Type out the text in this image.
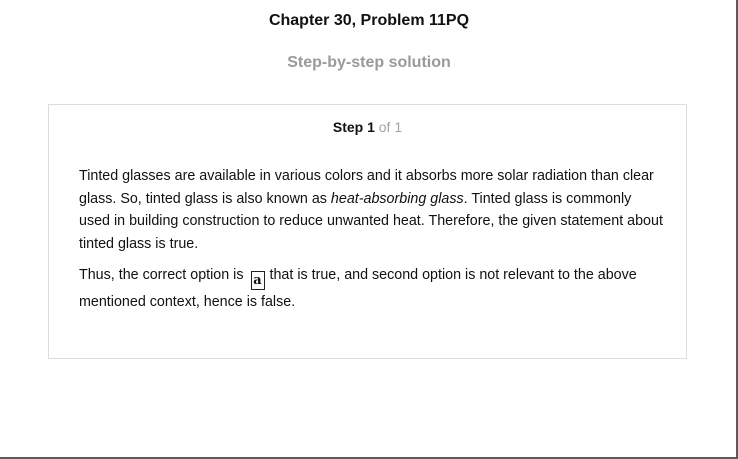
Chapter 30, Problem 11PQ
Step-by-step solution
Step 1 of 1

Tinted glasses are available in various colors and it absorbs more solar radiation than clear glass. So, tinted glass is also known as heat-absorbing glass. Tinted glass is commonly used in building construction to reduce unwanted heat. Therefore, the given statement about tinted glass is true.

Thus, the correct option is a that is true, and second option is not relevant to the above mentioned context, hence is false.
